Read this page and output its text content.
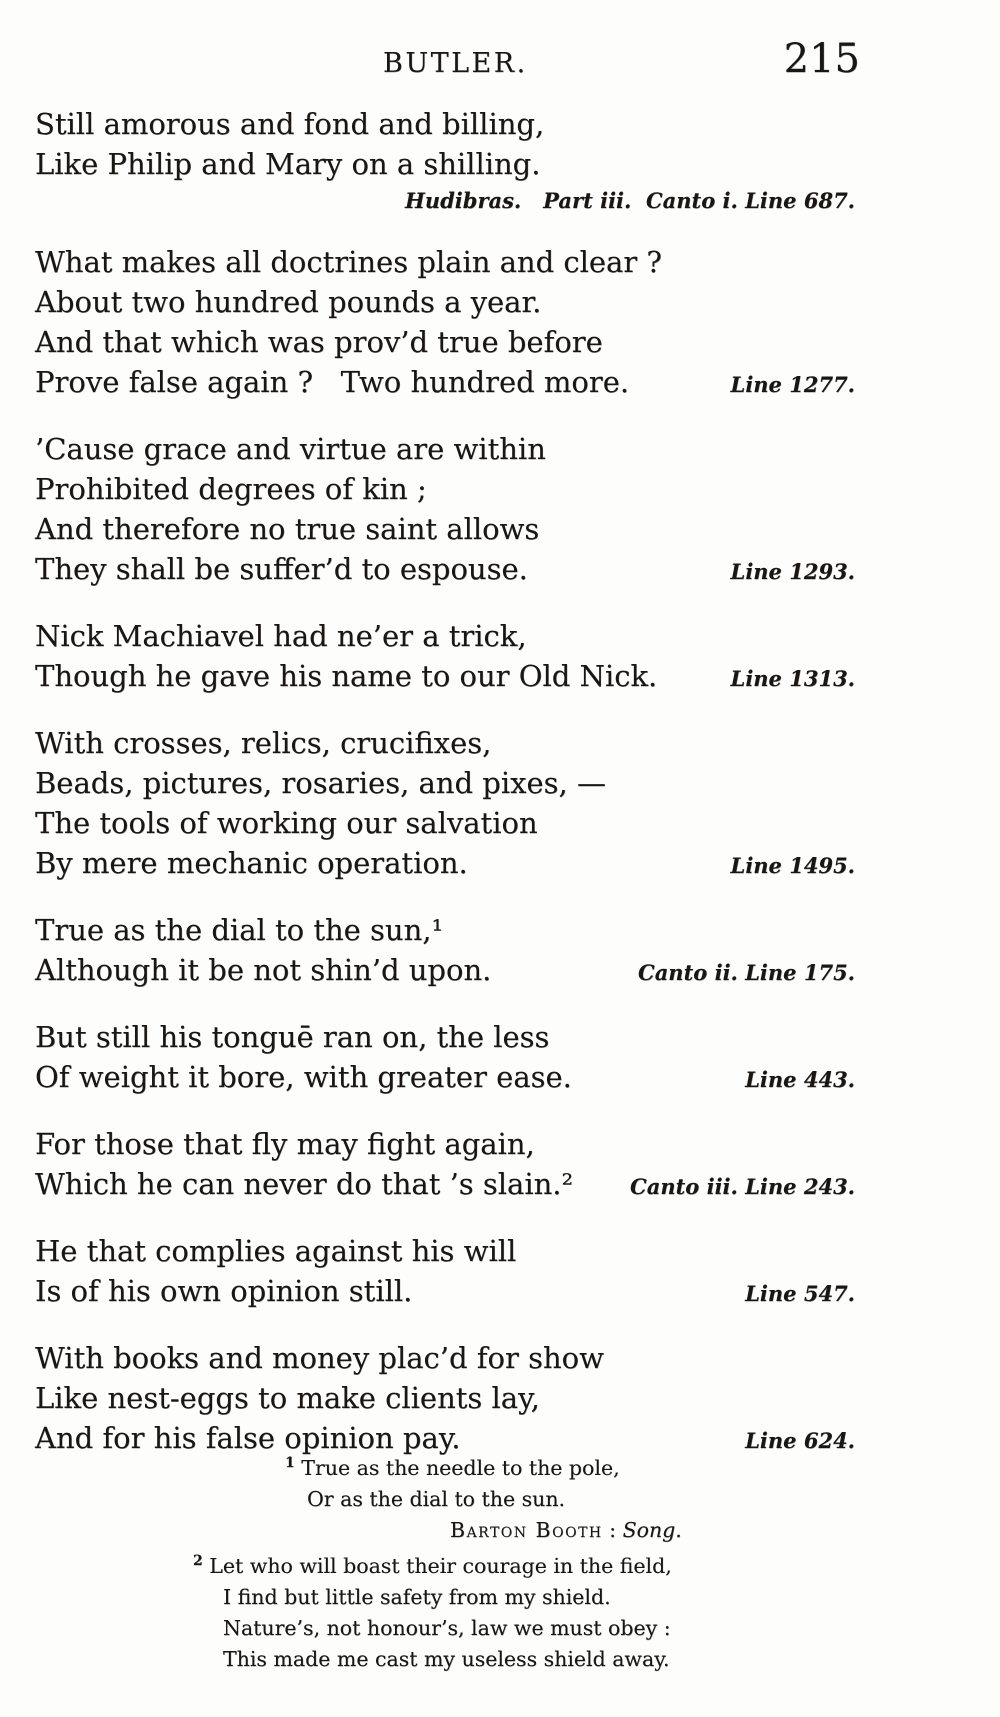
BUTLER.	215
Still amorous and fond and billing,
Like Philip and Mary on a shilling.
Hudibras.   Part iii.  Canto i. Line 687.
What makes all doctrines plain and clear ?
About two hundred pounds a year.
And that which was prov’d true before
Prove false again ?   Two hundred more.	Line 1277.
’Cause grace and virtue are within
Prohibited degrees of kin ;
And therefore no true saint allows
They shall be suffer’d to espouse.	Line 1293.
Nick Machiavel had ne’er a trick,
Though he gave his name to our Old Nick.	Line 1313.
With crosses, relics, crucifixes,
Beads, pictures, rosaries, and pixes, —
The tools of working our salvation
By mere mechanic operation.	Line 1495.
True as the dial to the sun,¹
Although it be not shin’d upon.	Canto ii. Line 175.
But still his tonguē ran on, the less
Of weight it bore, with greater ease.	Line 443.
For those that fly may fight again,
Which he can never do that ’s slain.²	Canto iii. Line 243.
He that complies against his will
Is of his own opinion still.	Line 547.
With books and money plac’d for show
Like nest-eggs to make clients lay,
And for his false opinion pay.	Line 624.
$^1$ True as the needle to the pole,
Or as the dial to the sun.
Barton Booth : Song.
$^2$ Let who will boast their courage in the field,
I find but little safety from my shield.
Nature’s, not honour’s, law we must obey :
This made me cast my useless shield away.
